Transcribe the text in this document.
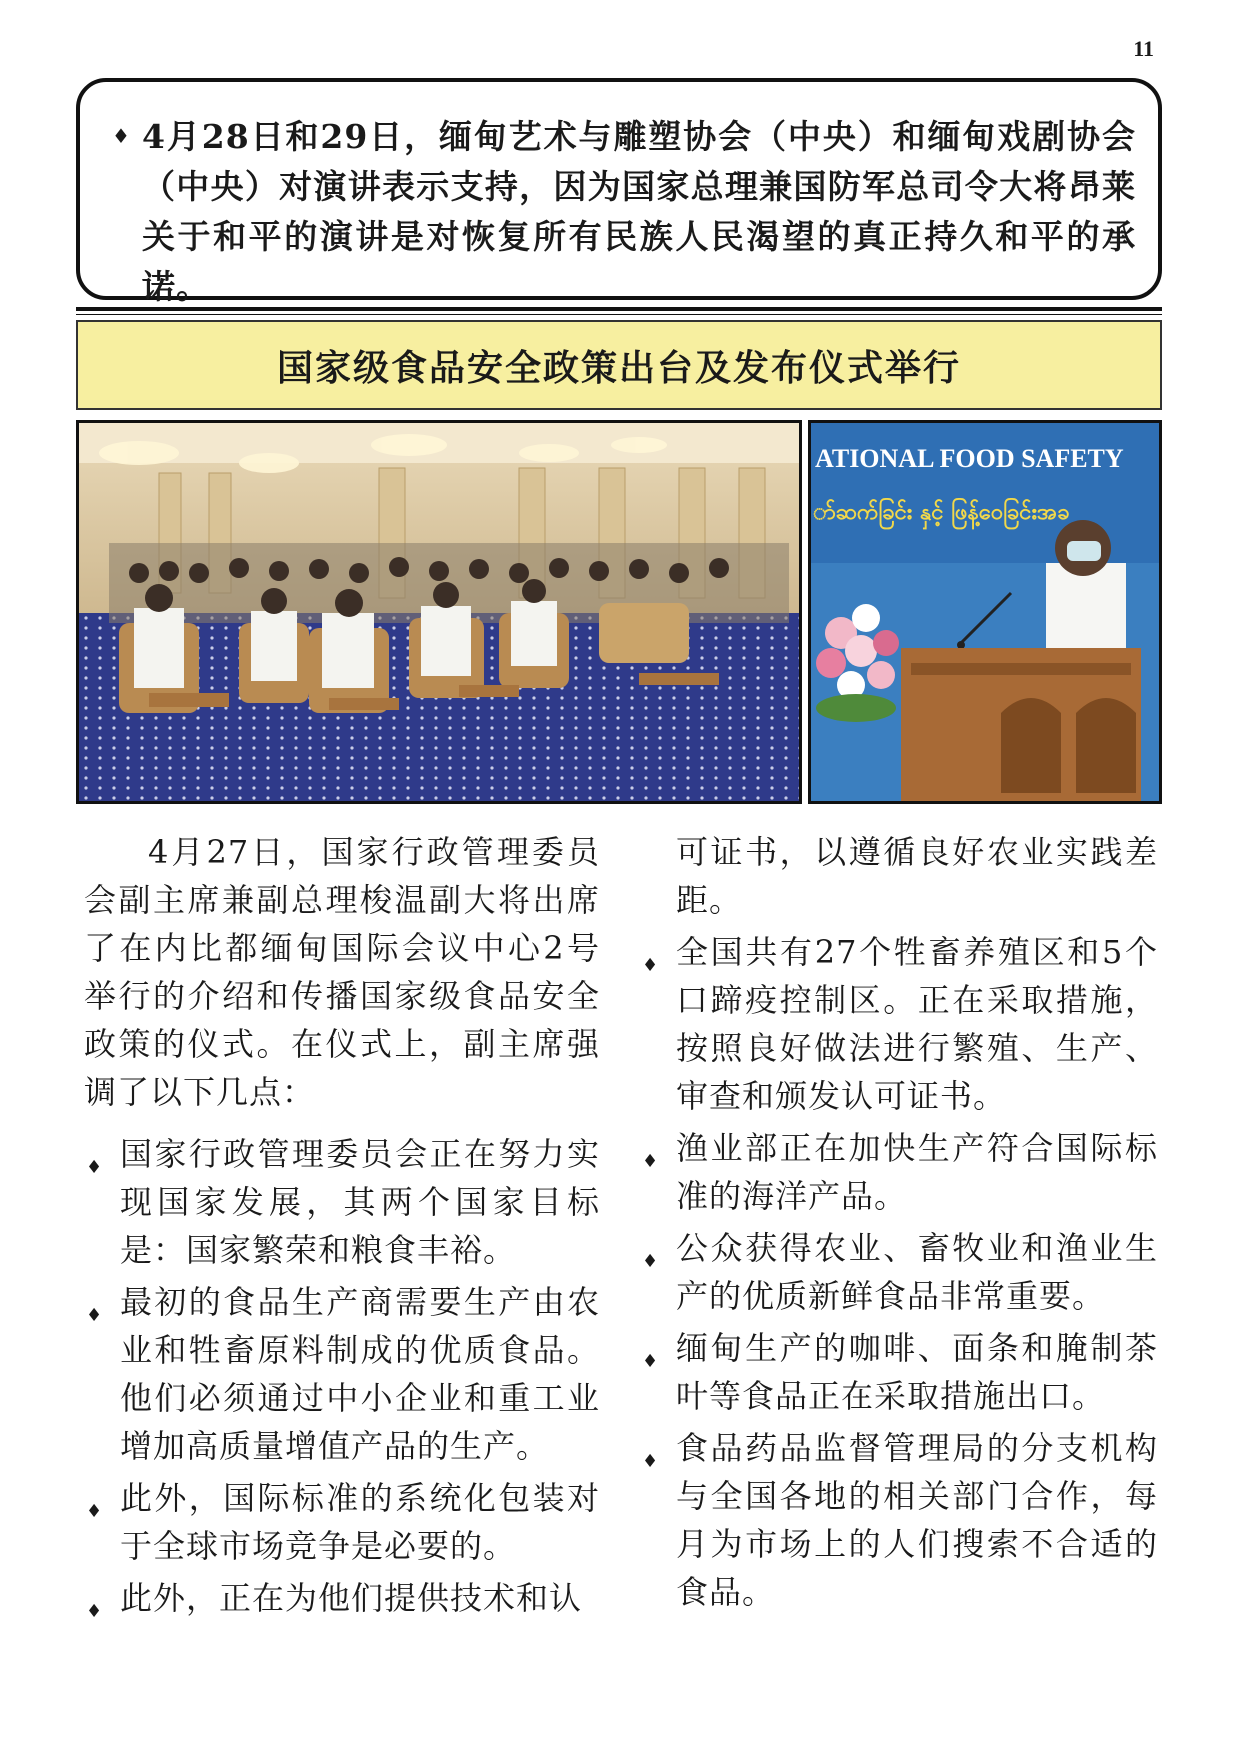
11
♦ 4月28日和29日，缅甸艺术与雕塑协会（中央）和缅甸戏剧协会（中央）对演讲表示支持，因为国家总理兼国防军总司令大将昂莱关于和平的演讲是对恢复所有民族人民渴望的真正持久和平的承诺。
国家级食品安全政策出台及发布仪式举行
ATIONAL FOOD SAFETY
ာ်ဆက်ခြင်း နှင့် ဖြန့်ဝေခြင်းအခ

4月27日，国家行政管理委员会副主席兼副总理梭温副大将出席了在内比都缅甸国际会议中心2号举行的介绍和传播国家级食品安全政策的仪式。在仪式上，副主席强调了以下几点：

♦ 国家行政管理委员会正在努力实现国家发展，其两个国家目标是：国家繁荣和粮食丰裕。
♦ 最初的食品生产商需要生产由农业和牲畜原料制成的优质食品。他们必须通过中小企业和重工业增加高质量增值产品的生产。
♦ 此外，国际标准的系统化包装对于全球市场竞争是必要的。
♦ 此外，正在为他们提供技术和认

可证书，以遵循良好农业实践差距。

♦ 全国共有27个牲畜养殖区和5个口蹄疫控制区。正在采取措施，按照良好做法进行繁殖、生产、审查和颁发认可证书。
♦ 渔业部正在加快生产符合国际标准的海洋产品。
♦ 公众获得农业、畜牧业和渔业生产的优质新鲜食品非常重要。
♦ 缅甸生产的咖啡、面条和腌制茶叶等食品正在采取措施出口。
♦ 食品药品监督管理局的分支机构与全国各地的相关部门合作，每月为市场上的人们搜索不合适的食品。
